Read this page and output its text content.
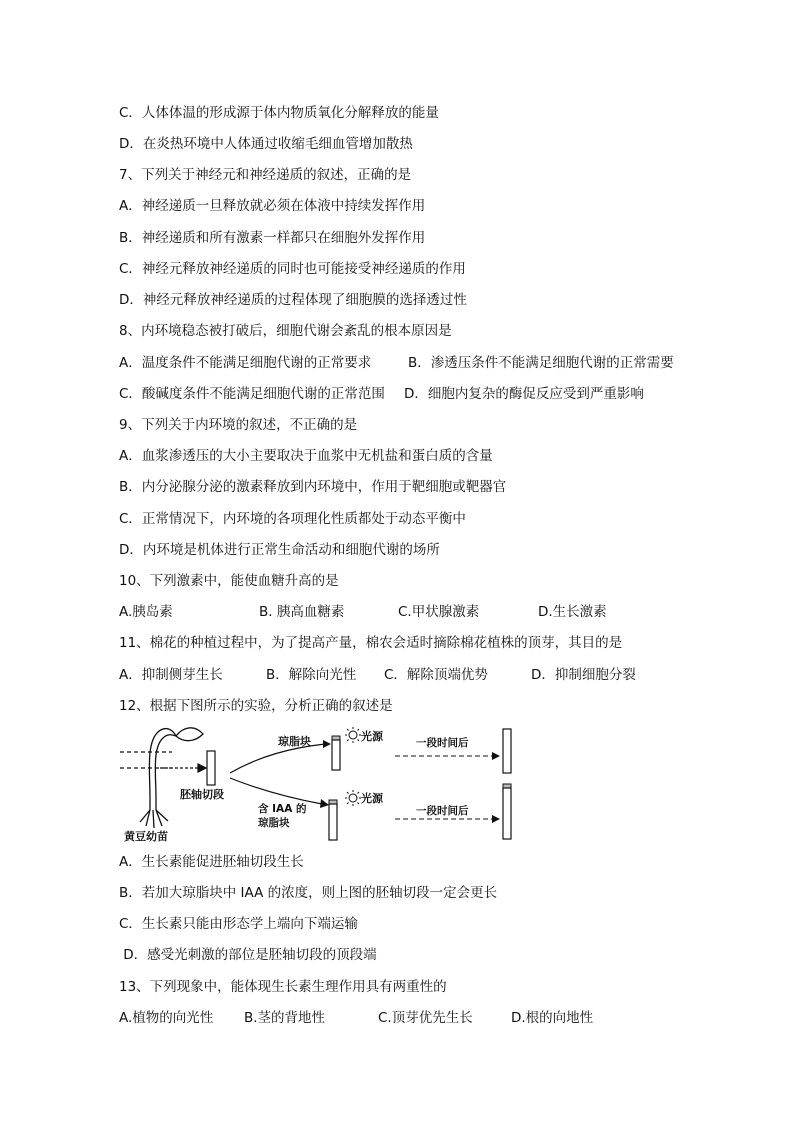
C．人体体温的形成源于体内物质氧化分解释放的能量
D．在炎热环境中人体通过收缩毛细血管增加散热
7、下列关于神经元和神经递质的叙述，正确的是
A．神经递质一旦释放就必须在体液中持续发挥作用
B．神经递质和所有激素一样都只在细胞外发挥作用
C．神经元释放神经递质的同时也可能接受神经递质的作用
D．神经元释放神经递质的过程体现了细胞膜的选择透过性
8、内环境稳态被打破后，细胞代谢会紊乱的根本原因是
A．温度条件不能满足细胞代谢的正常要求	B．渗透压条件不能满足细胞代谢的正常需要
C．酸碱度条件不能满足细胞代谢的正常范围 D．细胞内复杂的酶促反应受到严重影响
9、下列关于内环境的叙述，不正确的是
A．血浆渗透压的大小主要取决于血浆中无机盐和蛋白质的含量
B．内分泌腺分泌的激素释放到内环境中，作用于靶细胞或靶器官
C．正常情况下，内环境的各项理化性质都处于动态平衡中
D．内环境是机体进行正常生命活动和细胞代谢的场所
10、下列激素中，能使血糖升高的是
A.胰岛素	B. 胰高血糖素	C.甲状腺激素	D.生长激素
11、棉花的种植过程中，为了提高产量，棉农会适时摘除棉花植株的顶芽，其目的是
A．抑制侧芽生长	B．解除向光性 C．解除顶端优势	D．抑制细胞分裂
12、根据下图所示的实验，分析正确的叙述是
琼脂块	光源	一段时间后
胚轴切段	光源
含 IAA 的
琼脂块
一段时间后
黄豆幼苗
A．生长素能促进胚轴切段生长
B．若加大琼脂块中 IAA 的浓度，则上图的胚轴切段一定会更长
C．生长素只能由形态学上端向下端运输
D．感受光刺激的部位是胚轴切段的顶段端
13、下列现象中，能体现生长素生理作用具有两重性的
A.植物的向光性 B.茎的背地性	C.顶芽优先生长	D.根的向地性
